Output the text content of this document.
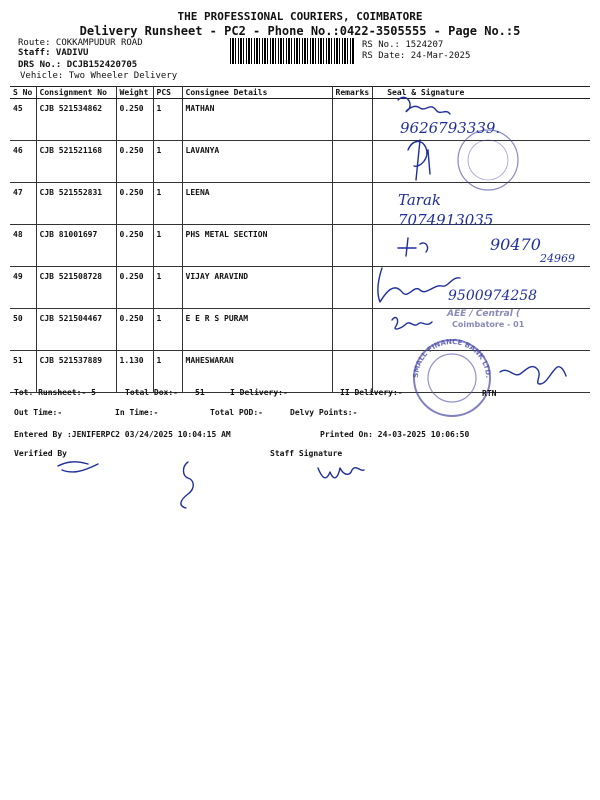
THE PROFESSIONAL COURIERS, COIMBATORE
Delivery Runsheet - PC2 - Phone No.:0422-3505555 - Page No.:5
Route: COKKAMPUDUR ROAD
Staff: VADIVU
DRS No.: DCJB152420705
Vehicle: Two Wheeler Delivery
RS No.: 1524207
RS Date: 24-Mar-2025
S No	Consignment No	Weight	PCS	Consignee Details	Remarks	Seal & Signature
45	CJB 521534862	0.250	1	MATHAN		
46	CJB 521521168	0.250	1	LAVANYA		
47	CJB 521552831	0.250	1	LEENA		
48	CJB 81001697	0.250	1	PHS METAL SECTION		
49	CJB 521508728	0.250	1	VIJAY ARAVIND		
50	CJB 521504467	0.250	1	E E R S PURAM		
51	CJB 521537889	1.130	1	MAHESWARAN		
9626793339.
Tarak
7074913035
90470
24969
9500974258
AEE / Central (
Coimbatore - 01
SMALL FINANCE BANK LTD.
RTN
Tot. Runsheet:- 5	Total Dox:- 51	I Delivery:-	II Delivery:-
Out Time:-	In Time:-	Total POD:-	Delvy Points:-
Entered By :JENIFERPC2 03/24/2025 10:04:15 AM	Printed On: 24-03-2025 10:06:50
Verified By	Staff Signature
